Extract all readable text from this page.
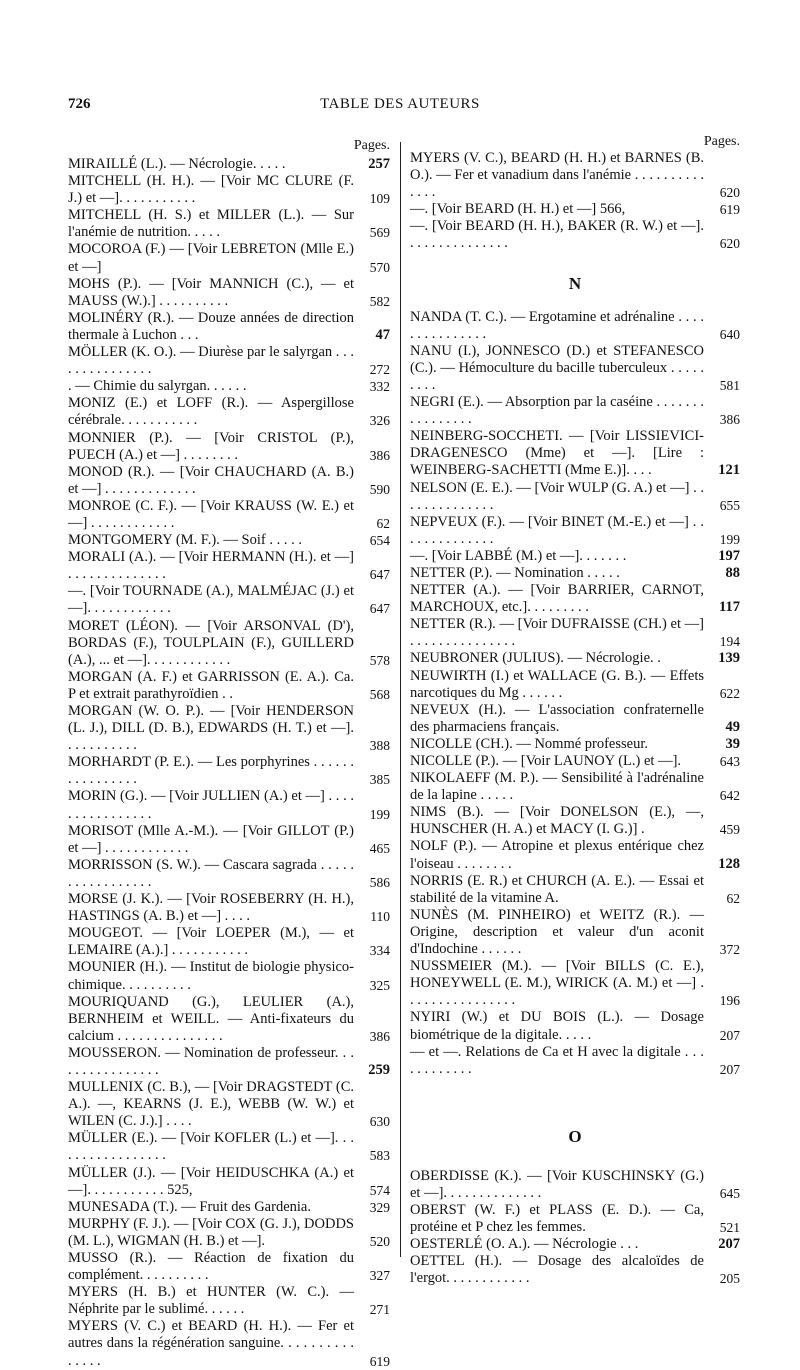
726	TABLE DES AUTEURS
Pages.
MIRAILLÉ (L.). — Nécrologie. . . . .	257
MITCHELL (H. H.). — [Voir MC CLURE (F. J.) et —]. . . . . . . . . . .	109
MITCHELL (H. S.) et MILLER (L.). — Sur l'anémie de nutrition. . . . .	569
MOCOROA (F.) — [Voir LEBRETON (Mlle E.) et —]	570
MOHS (P.). — [Voir MANNICH (C.), — et MAUSS (W.).] . . . . . . . . . .	582
MOLINÉRY (R.). — Douze années de direction thermale à Luchon . . .	47
MÖLLER (K. O.). — Diurèse par le salyrgan . . . . . . . . . . . . . . .	272
. — Chimie du salyrgan. . . . . .	332
MONIZ (E.) et LOFF (R.). — Aspergillose cérébrale. . . . . . . . . . .	326
MONNIER (P.). — [Voir CRISTOL (P.), PUECH (A.) et —] . . . . . . . .	386
MONOD (R.). — [Voir CHAUCHARD (A. B.) et —] . . . . . . . . . . . . .	590
MONROE (C. F.). — [Voir KRAUSS (W. E.) et —] . . . . . . . . . . . .	62
MONTGOMERY (M. F.). — Soif . . . . .	654
MORALI (A.). — [Voir HERMANN (H.). et —] . . . . . . . . . . . . . .	647
—. [Voir TOURNADE (A.), MALMÉJAC (J.) et —]. . . . . . . . . . . .	647
MORET (LÉON). — [Voir ARSONVAL (D'), BORDAS (F.), TOULPLAIN (F.), GUILLERD (A.), ... et —]. . . . . . . . . . . .	578
MORGAN (A. F.) et GARRISSON (E. A.). Ca. P et extrait parathyroïdien . .	568
MORGAN (W. O. P.). — [Voir HENDERSON (L. J.), DILL (D. B.), EDWARDS (H. T.) et —]. . . . . . . . . . .	388
MORHARDT (P. E.). — Les porphyrines . . . . . . . . . . . . . . . .	385
MORIN (G.). — [Voir JULLIEN (A.) et —] . . . . . . . . . . . . . . . .	199
MORISOT (Mlle A.-M.). — [Voir GILLOT (P.) et —] . . . . . . . . . . . .	465
MORRISSON (S. W.). — Cascara sagrada . . . . . . . . . . . . . . . . .	586
MORSE (J. K.). — [Voir ROSEBERRY (H. H.), HASTINGS (A. B.) et —] . . . .	110
MOUGEOT. — [Voir LOEPER (M.), — et LEMAIRE (A.).] . . . . . . . . . . .	334
MOUNIER (H.). — Institut de biologie physico-chimique. . . . . . . . . .	325
MOURIQUAND (G.), LEULIER (A.), BERNHEIM et WEILL. — Anti-fixateurs du calcium . . . . . . . . . . . . . . .	386
MOUSSERON. — Nomination de professeur. . . . . . . . . . . . . . . .	259
MULLENIX (C. B.), — [Voir DRAGSTEDT (C. A.). —, KEARNS (J. E.), WEBB (W. W.) et WILEN (C. J.).] . . . .	630
MÜLLER (E.). — [Voir KOFLER (L.) et —]. . . . . . . . . . . . . . . . .	583
MÜLLER (J.). — [Voir HEIDUSCHKA (A.) et —]. . . . . . . . . . . 525,	574
MUNESADA (T.). — Fruit des Gardenia.	329
MURPHY (F. J.). — [Voir COX (G. J.), DODDS (M. L.), WIGMAN (H. B.) et —].	520
MUSSO (R.). — Réaction de fixation du complément. . . . . . . . . .	327
MYERS (H. B.) et HUNTER (W. C.). — Néphrite par le sublimé. . . . . .	271
MYERS (V. C.) et BEARD (H. H.). — Fer et autres dans la régénération sanguine. . . . . . . . . . . . . . .	619
Pages.
MYERS (V. C.), BEARD (H. H.) et BARNES (B. O.). — Fer et vanadium dans l'anémie . . . . . . . . . . . . . .	620
—. [Voir BEARD (H. H.) et —] 566,	619
—. [Voir BEARD (H. H.), BAKER (R. W.) et —]. . . . . . . . . . . . . . .	620
N
NANDA (T. C.). — Ergotamine et adrénaline . . . . . . . . . . . . . . .	640
NANU (I.), JONNESCO (D.) et STEFANESCO (C.). — Hémoculture du bacille tuberculeux . . . . . . . . .	581
NEGRI (E.). — Absorption par la caséine . . . . . . . . . . . . . . . .	386
NEINBERG-SOCCHETI. — [Voir LISSIEVICI-DRAGENESCO (Mme) et —]. [Lire : WEINBERG-SACHETTI (Mme E.)]. . . .	121
NELSON (E. E.). — [Voir WULP (G. A.) et —] . . . . . . . . . . . . . .	655
NEPVEUX (F.). — [Voir BINET (M.-E.) et —] . . . . . . . . . . . . . .	199
—. [Voir LABBÉ (M.) et —]. . . . . . .	197
NETTER (P.). — Nomination . . . . .	88
NETTER (A.). — [Voir BARRIER, CARNOT, MARCHOUX, etc.]. . . . . . . . .	117
NETTER (R.). — [Voir DUFRAISSE (CH.) et —] . . . . . . . . . . . . . . .	194
NEUBRONER (JULIUS). — Nécrologie. .	139
NEUWIRTH (I.) et WALLACE (G. B.). — Effets narcotiques du Mg . . . . . .	622
NEVEUX (H.). — L'association confraternelle des pharmaciens français.	49
NICOLLE (CH.). — Nommé professeur.	39
NICOLLE (P.). — [Voir LAUNOY (L.) et —].	643
NIKOLAEFF (M. P.). — Sensibilité à l'adrénaline de la lapine . . . . .	642
NIMS (B.). — [Voir DONELSON (E.), —, HUNSCHER (H. A.) et MACY (I. G.)] .	459
NOLF (P.). — Atropine et plexus entérique chez l'oiseau . . . . . . . .	128
NORRIS (E. R.) et CHURCH (A. E.). — Essai et stabilité de la vitamine A.	62
NUNÈS (M. PINHEIRO) et WEITZ (R.). — Origine, description et valeur d'un aconit d'Indochine . . . . . .	372
NUSSMEIER (M.). — [Voir BILLS (C. E.), HONEYWELL (E. M.), WIRICK (A. M.) et —] . . . . . . . . . . . . . . . .	196
NYIRI (W.) et DU BOIS (L.). — Dosage biométrique de la digitale. . . . .	207
— et —. Relations de Ca et H avec la digitale . . . . . . . . . . . .	207
O
OBERDISSE (K.). — [Voir KUSCHINSKY (G.) et —]. . . . . . . . . . . . . .	645
OBERST (W. F.) et PLASS (E. D.). — Ca, protéine et P chez les femmes.	521
OESTERLÉ (O. A.). — Nécrologie . . .	207
OETTEL (H.). — Dosage des alcaloïdes de l'ergot. . . . . . . . . . . .	205
